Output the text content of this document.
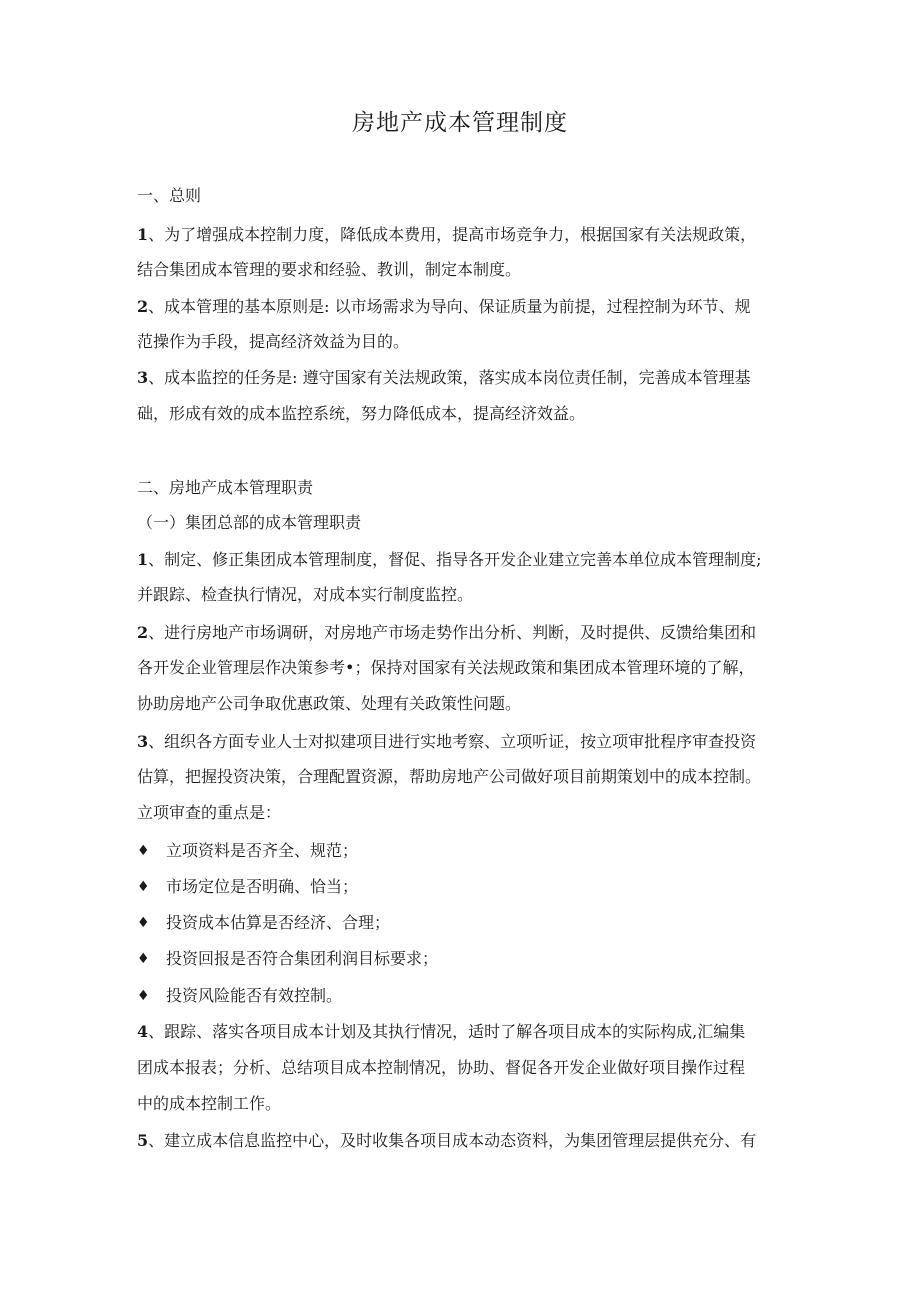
房地产成本管理制度
一、总则
1、为了增强成本控制力度，降低成本费用，提高市场竞争力，根据国家有关法规政策，
结合集团成本管理的要求和经验、教训，制定本制度。
2、成本管理的基本原则是: 以市场需求为导向、保证质量为前提，过程控制为环节、规
范操作为手段，提高经济效益为目的。
3、成本监控的任务是: 遵守国家有关法规政策，落实成本岗位责任制，完善成本管理基
础，形成有效的成本监控系统，努力降低成本，提高经济效益。
二、房地产成本管理职责
（一）集团总部的成本管理职责
1、制定、修正集团成本管理制度，督促、指导各开发企业建立完善本单位成本管理制度;
并跟踪、检查执行情况，对成本实行制度监控。
2、进行房地产市场调研，对房地产市场走势作出分析、判断，及时提供、反馈给集团和
各开发企业管理层作决策参考•；保持对国家有关法规政策和集团成本管理环境的了解，
协助房地产公司争取优惠政策、处理有关政策性问题。
3、组织各方面专业人士对拟建项目进行实地考察、立项听证，按立项审批程序审查投资
估算，把握投资决策，合理配置资源，帮助房地产公司做好项目前期策划中的成本控制。
立项审查的重点是：
♦ 立项资料是否齐全、规范；
♦ 市场定位是否明确、恰当；
♦ 投资成本估算是否经济、合理；
♦ 投资回报是否符合集团利润目标要求；
♦ 投资风险能否有效控制。
4、跟踪、落实各项目成本计划及其执行情况，适时了解各项目成本的实际构成,汇编集
团成本报表；分析、总结项目成本控制情况，协助、督促各开发企业做好项目操作过程
中的成本控制工作。
5、建立成本信息监控中心，及时收集各项目成本动态资料，为集团管理层提供充分、有
